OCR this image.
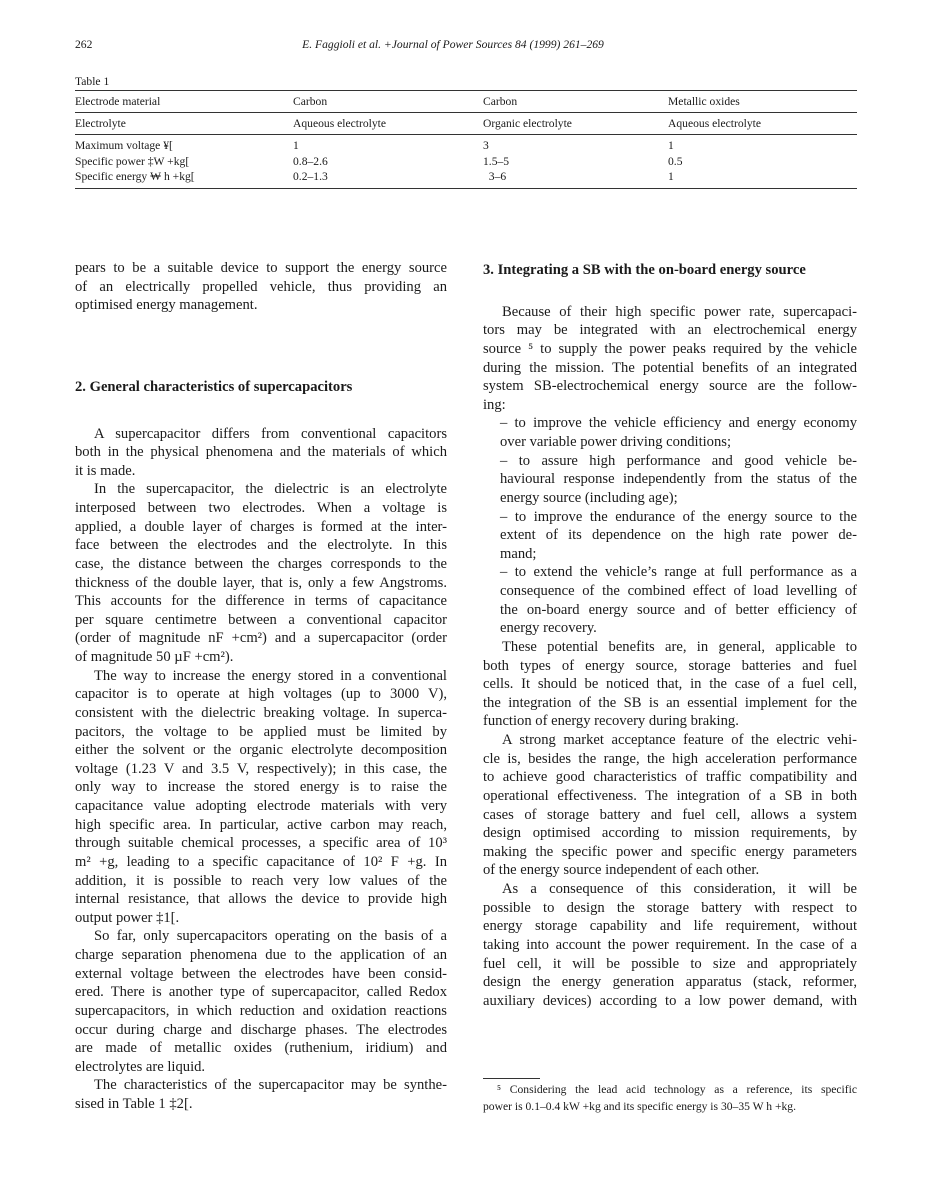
262	E. Faggioli et al. +Journal of Power Sources 84 (1999) 261–269
Table 1
Electrode material	Carbon	Carbon	Metallic oxides
Electrolyte	Aqueous electrolyte	Organic electrolyte	Aqueous electrolyte
Maximum voltage ¥[	1	3	1
Specific power ‡W +kg[	0.8–2.6	1.5–5	0.5
Specific energy ₩ h +kg[	0.2–1.3	3–6	1
pears to be a suitable device to support the energy source
of an electrically propelled vehicle, thus providing an
optimised energy management.
2. General characteristics of supercapacitors
A supercapacitor differs from conventional capacitors
both in the physical phenomena and the materials of which
it is made.
In the supercapacitor, the dielectric is an electrolyte
interposed between two electrodes. When a voltage is
applied, a double layer of charges is formed at the inter-
face between the electrodes and the electrolyte. In this
case, the distance between the charges corresponds to the
thickness of the double layer, that is, only a few Angstroms.
This accounts for the difference in terms of capacitance
per square centimetre between a conventional capacitor
(order of magnitude nF +cm²) and a supercapacitor (order
of magnitude 50 µF +cm²).
The way to increase the energy stored in a conventional
capacitor is to operate at high voltages (up to 3000 V),
consistent with the dielectric breaking voltage. In superca-
pacitors, the voltage to be applied must be limited by
either the solvent or the organic electrolyte decomposition
voltage (1.23 V and 3.5 V, respectively); in this case, the
only way to increase the stored energy is to raise the
capacitance value adopting electrode materials with very
high specific area. In particular, active carbon may reach,
through suitable chemical processes, a specific area of 10³
m² +g, leading to a specific capacitance of 10² F +g. In
addition, it is possible to reach very low values of the
internal resistance, that allows the device to provide high
output power ‡1[.
So far, only supercapacitors operating on the basis of a
charge separation phenomena due to the application of an
external voltage between the electrodes have been consid-
ered. There is another type of supercapacitor, called Redox
supercapacitors, in which reduction and oxidation reactions
occur during charge and discharge phases. The electrodes
are made of metallic oxides (ruthenium, iridium) and
electrolytes are liquid.
The characteristics of the supercapacitor may be synthe-
sised in Table 1 ‡2[.
3. Integrating a SB with the on-board energy source
Because of their high specific power rate, supercapaci-
tors may be integrated with an electrochemical energy
source ⁵ to supply the power peaks required by the vehicle
during the mission. The potential benefits of an integrated
system SB-electrochemical energy source are the follow-
ing:
– to improve the vehicle efficiency and energy economy
over variable power driving conditions;
– to assure high performance and good vehicle be-
havioural response independently from the status of the
energy source (including age);
– to improve the endurance of the energy source to the
extent of its dependence on the high rate power de-
mand;
– to extend the vehicle’s range at full performance as a
consequence of the combined effect of load levelling of
the on-board energy source and of better efficiency of
energy recovery.
These potential benefits are, in general, applicable to
both types of energy source, storage batteries and fuel
cells. It should be noticed that, in the case of a fuel cell,
the integration of the SB is an essential implement for the
function of energy recovery during braking.
A strong market acceptance feature of the electric vehi-
cle is, besides the range, the high acceleration performance
to achieve good characteristics of traffic compatibility and
operational effectiveness. The integration of a SB in both
cases of storage battery and fuel cell, allows a system
design optimised according to mission requirements, by
making the specific power and specific energy parameters
of the energy source independent of each other.
As a consequence of this consideration, it will be
possible to design the storage battery with respect to
energy storage capability and life requirement, without
taking into account the power requirement. In the case of a
fuel cell, it will be possible to size and appropriately
design the energy generation apparatus (stack, reformer,
auxiliary devices) according to a low power demand, with
⁵ Considering the lead acid technology as a reference, its specific
power is 0.1–0.4 kW +kg and its specific energy is 30–35 W h +kg.
